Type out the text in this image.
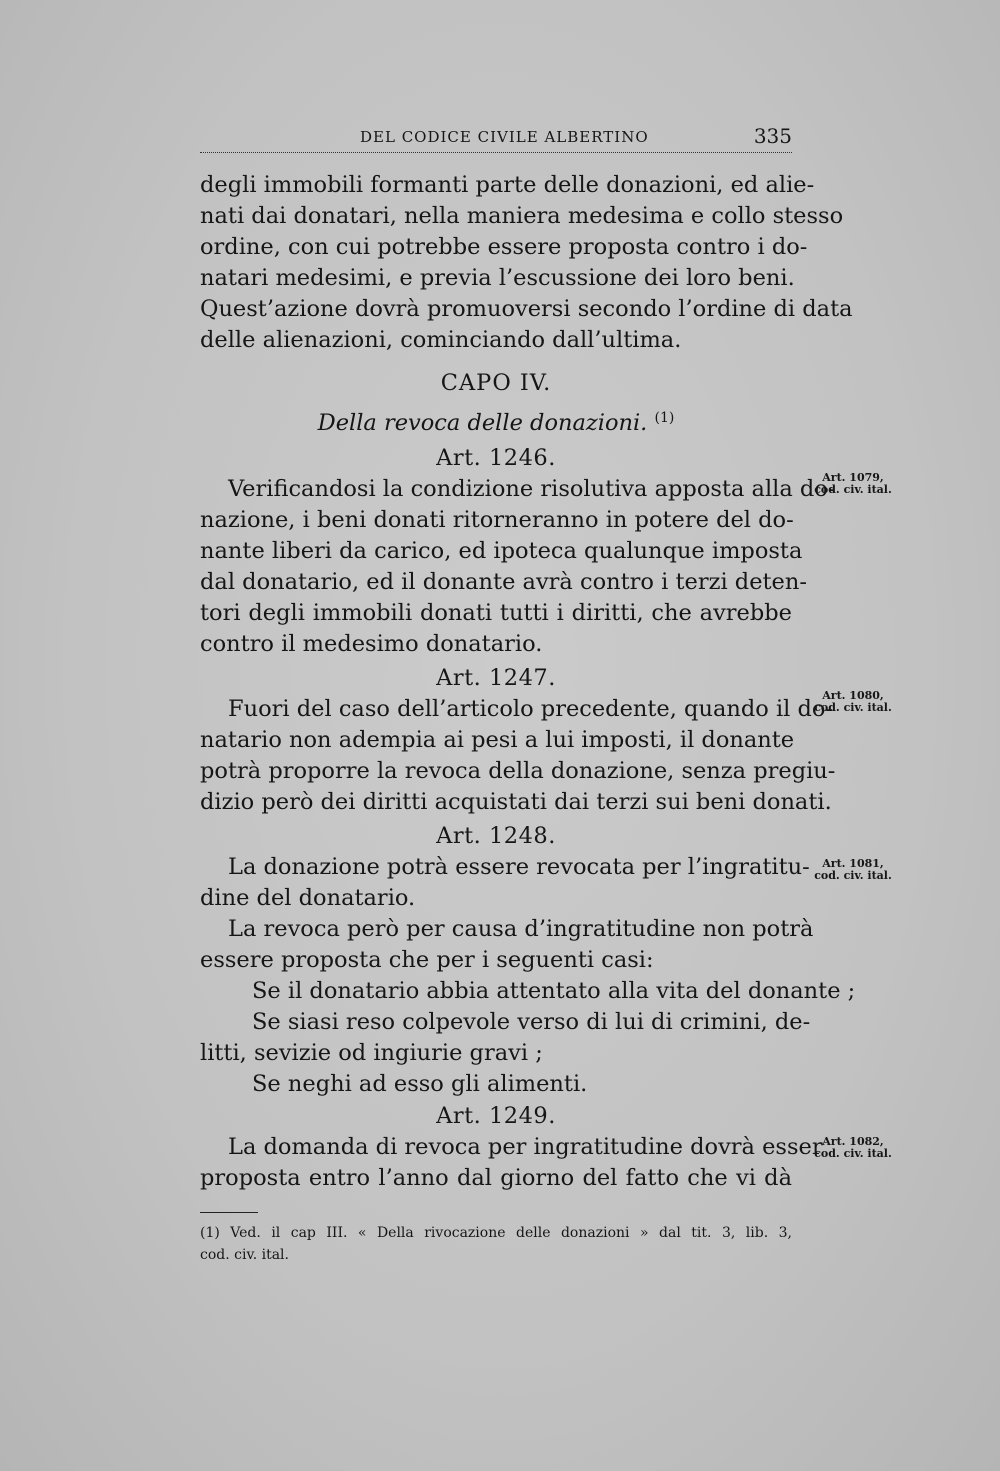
DEL CODICE CIVILE ALBERTINO	335
degli immobili formanti parte delle donazioni, ed alie-
nati dai donatari, nella maniera medesima e collo stesso
ordine, con cui potrebbe essere proposta contro i do-
natari medesimi, e previa l’escussione dei loro beni.
Quest’azione dovrà promuoversi secondo l’ordine di data
delle alienazioni, cominciando dall’ultima.
CAPO IV.
Della revoca delle donazioni. $^{(1)}$
Art. 1246.
Verificandosi la condizione risolutiva apposta alla do-
nazione, i beni donati ritorneranno in potere del do-
nante liberi da carico, ed ipoteca qualunque imposta
dal donatario, ed il donante avrà contro i terzi deten-
tori degli immobili donati tutti i diritti, che avrebbe
contro il medesimo donatario.
Art. 1247.
Fuori del caso dell’articolo precedente, quando il do-
natario non adempia ai pesi a lui imposti, il donante
potrà proporre la revoca della donazione, senza pregiu-
dizio però dei diritti acquistati dai terzi sui beni donati.
Art. 1248.
La donazione potrà essere revocata per l’ingratitu-
dine del donatario.
La revoca però per causa d’ingratitudine non potrà
essere proposta che per i seguenti casi:
Se il donatario abbia attentato alla vita del donante ;
Se siasi reso colpevole verso di lui di crimini, de-
litti, sevizie od ingiurie gravi ;
Se neghi ad esso gli alimenti.
Art. 1249.
La domanda di revoca per ingratitudine dovrà esser
proposta entro l’anno dal giorno del fatto che vi dà
Art. 1079,
cod. civ. ital.
Art. 1080,
cod. civ. ital.
Art. 1081,
cod. civ. ital.
Art. 1082,
cod. civ. ital.
(1) Ved. il cap III. « Della rivocazione delle donazioni » dal tit. 3, lib. 3,
cod. civ. ital.
